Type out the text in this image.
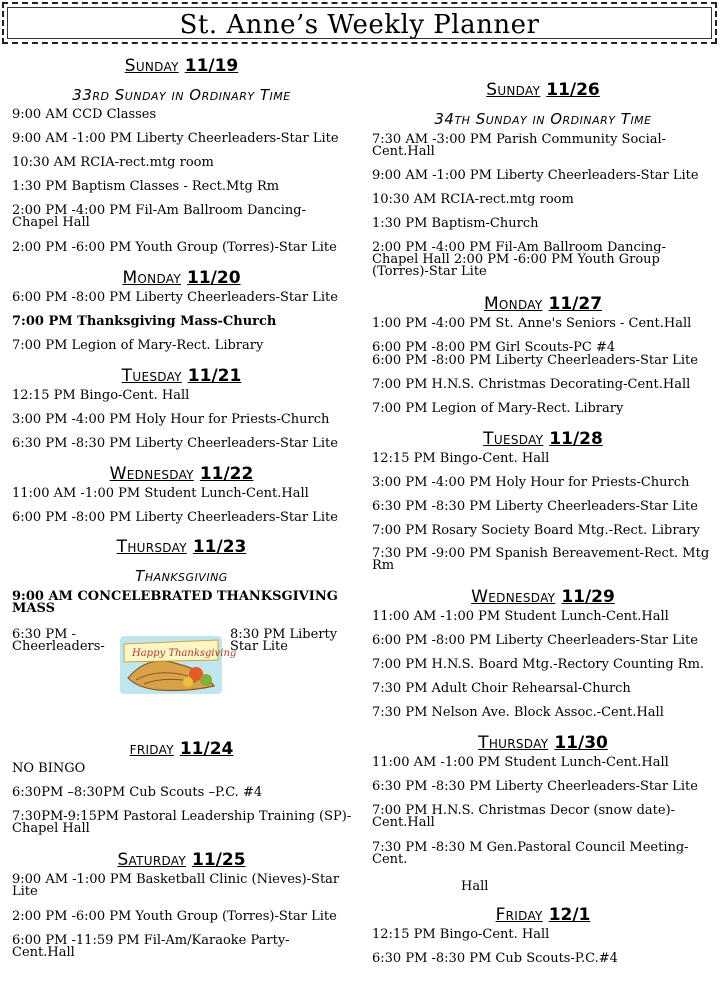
St. Anne’s Weekly Planner
Sunday 11/19
33rd Sunday in Ordinary Time
9:00 AM CCD Classes
9:00 AM -1:00 PM Liberty Cheerleaders-Star Lite
10:30 AM RCIA-rect.mtg room
1:30 PM Baptism Classes - Rect.Mtg Rm
2:00 PM -4:00 PM Fil-Am Ballroom Dancing-Chapel Hall
2:00 PM -6:00 PM Youth Group (Torres)-Star Lite
Monday 11/20
6:00 PM -8:00 PM Liberty Cheerleaders-Star Lite
7:00 PM Thanksgiving Mass-Church
7:00 PM Legion of Mary-Rect. Library
Tuesday 11/21
12:15 PM Bingo-Cent. Hall
3:00 PM -4:00 PM Holy Hour for Priests-Church
6:30 PM -8:30 PM Liberty Cheerleaders-Star Lite
Wednesday 11/22
11:00 AM -1:00 PM Student Lunch-Cent.Hall
6:00 PM -8:00 PM Liberty Cheerleaders-Star Lite
Thursday 11/23
Thanksgiving
9:00 AM CONCELEBRATED THANKSGIVING MASS
6:30 PM - Cheerleaders-	Happy Thanksgiving
8:30 PM Liberty Star Lite
friday 11/24
NO BINGO
6:30PM –8:30PM Cub Scouts –P.C. #4
7:30PM-9:15PM Pastoral Leadership Training (SP)-Chapel Hall
Saturday 11/25
9:00 AM -1:00 PM Basketball Clinic (Nieves)-Star Lite
2:00 PM -6:00 PM Youth Group (Torres)-Star Lite
6:00 PM -11:59 PM Fil-Am/Karaoke Party-Cent.Hall
Sunday 11/26
34th Sunday in Ordinary Time
7:30 AM -3:00 PM Parish Community Social-Cent.Hall
9:00 AM -1:00 PM Liberty Cheerleaders-Star Lite
10:30 AM RCIA-rect.mtg room
1:30 PM Baptism-Church
2:00 PM -4:00 PM Fil-Am Ballroom Dancing-Chapel Hall 2:00 PM -6:00 PM Youth Group (Torres)-Star Lite
Monday 11/27
1:00 PM -4:00 PM St. Anne's Seniors - Cent.Hall
6:00 PM -8:00 PM Girl Scouts-PC #4
6:00 PM -8:00 PM Liberty Cheerleaders-Star Lite
7:00 PM H.N.S. Christmas Decorating-Cent.Hall
7:00 PM Legion of Mary-Rect. Library
Tuesday 11/28
12:15 PM Bingo-Cent. Hall
3:00 PM -4:00 PM Holy Hour for Priests-Church
6:30 PM -8:30 PM Liberty Cheerleaders-Star Lite
7:00 PM Rosary Society Board Mtg.-Rect. Library
7:30 PM -9:00 PM Spanish Bereavement-Rect. Mtg Rm
Wednesday 11/29
11:00 AM -1:00 PM Student Lunch-Cent.Hall
6:00 PM -8:00 PM Liberty Cheerleaders-Star Lite
7:00 PM H.N.S. Board Mtg.-Rectory Counting Rm.
7:30 PM Adult Choir Rehearsal-Church
7:30 PM Nelson Ave. Block Assoc.-Cent.Hall
Thursday 11/30
11:00 AM -1:00 PM Student Lunch-Cent.Hall
6:30 PM -8:30 PM Liberty Cheerleaders-Star Lite
7:00 PM H.N.S. Christmas Decor (snow date)-Cent.Hall
7:30 PM -8:30 M Gen.Pastoral Council Meeting-Cent.
Hall
Friday 12/1
12:15 PM Bingo-Cent. Hall
6:30 PM -8:30 PM Cub Scouts-P.C.#4
